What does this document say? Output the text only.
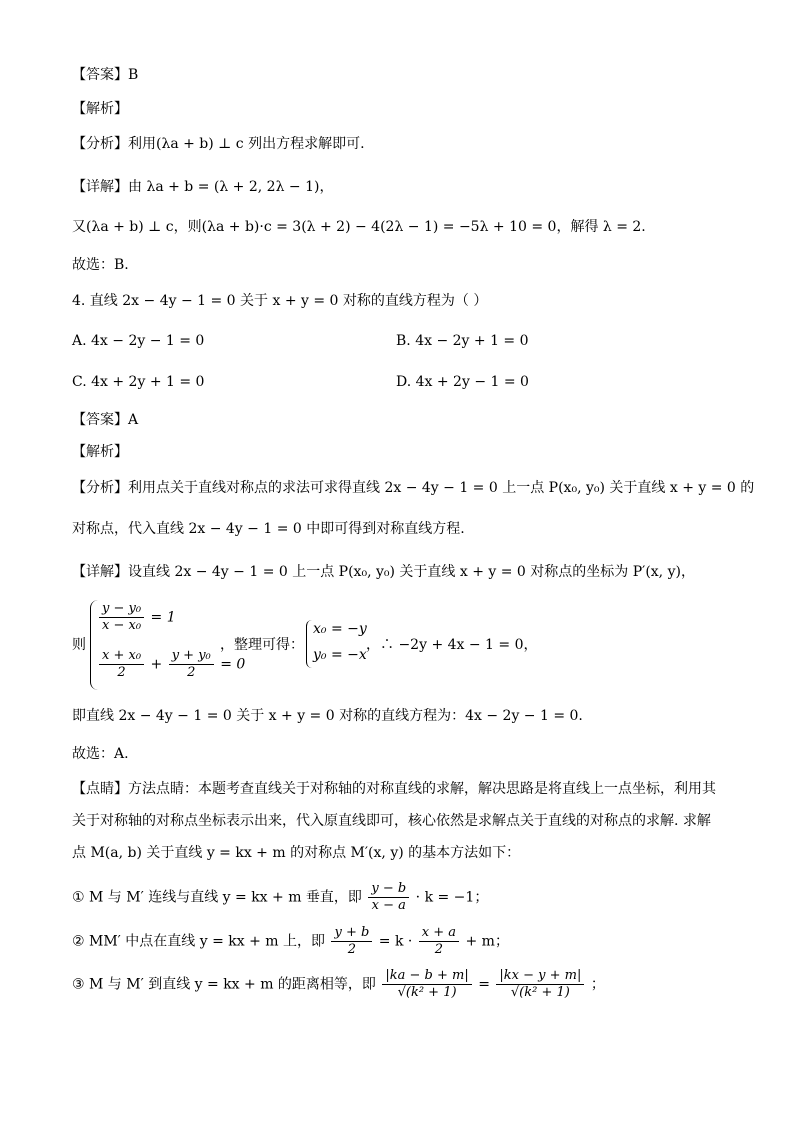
【答案】B
【解析】
【分析】利用(λa + b) ⊥ c 列出方程求解即可.
【详解】由 λa + b = (λ + 2, 2λ − 1)，
又(λa + b) ⊥ c，则(λa + b)·c = 3(λ + 2) − 4(2λ − 1) = −5λ + 10 = 0，解得 λ = 2.
故选：B.
4. 直线 2x − 4y − 1 = 0 关于 x + y = 0 对称的直线方程为（ ）
A. 4x − 2y − 1 = 0	B. 4x − 2y + 1 = 0
C. 4x + 2y + 1 = 0	D. 4x + 2y − 1 = 0
【答案】A
【解析】
【分析】利用点关于直线对称点的求法可求得直线 2x − 4y − 1 = 0 上一点 P(x₀, y₀) 关于直线 x + y = 0 的
对称点，代入直线 2x − 4y − 1 = 0 中即可得到对称直线方程.
【详解】设直线 2x − 4y − 1 = 0 上一点 P(x₀, y₀) 关于直线 x + y = 0 对称点的坐标为 P′(x, y)，
则
$\frac{\text{y − y₀}}{\text{x − x₀}} = 1$
$\frac{\text{x + x₀}}{2} + \frac{\text{y + y₀}}{2} = 0$
，整理可得：
x₀ = −y
y₀ = −x
，∴ −2y + 4x − 1 = 0，
即直线 2x − 4y − 1 = 0 关于 x + y = 0 对称的直线方程为：4x − 2y − 1 = 0.
故选：A.
【点睛】方法点睛：本题考查直线关于对称轴的对称直线的求解，解决思路是将直线上一点坐标，利用其
关于对称轴的对称点坐标表示出来，代入原直线即可，核心依然是求解点关于直线的对称点的求解. 求解
点 M(a, b) 关于直线 y = kx + m 的对称点 M′(x, y) 的基本方法如下：
① M 与 M′ 连线与直线 y = kx + m 垂直，即 $\frac{y - b}{x - a} \cdot k = -1$；
② MM′ 中点在直线 y = kx + m 上，即 $\frac{y + b}{2} = k \cdot \frac{x + a}{2} + m$；
③ M 与 M′ 到直线 y = kx + m 的距离相等，即 $\frac{|ka - b + m|}{\text{√(k² + 1)}} = \frac{|kx - y + m|}{\text{√(k² + 1)}}$ ；
